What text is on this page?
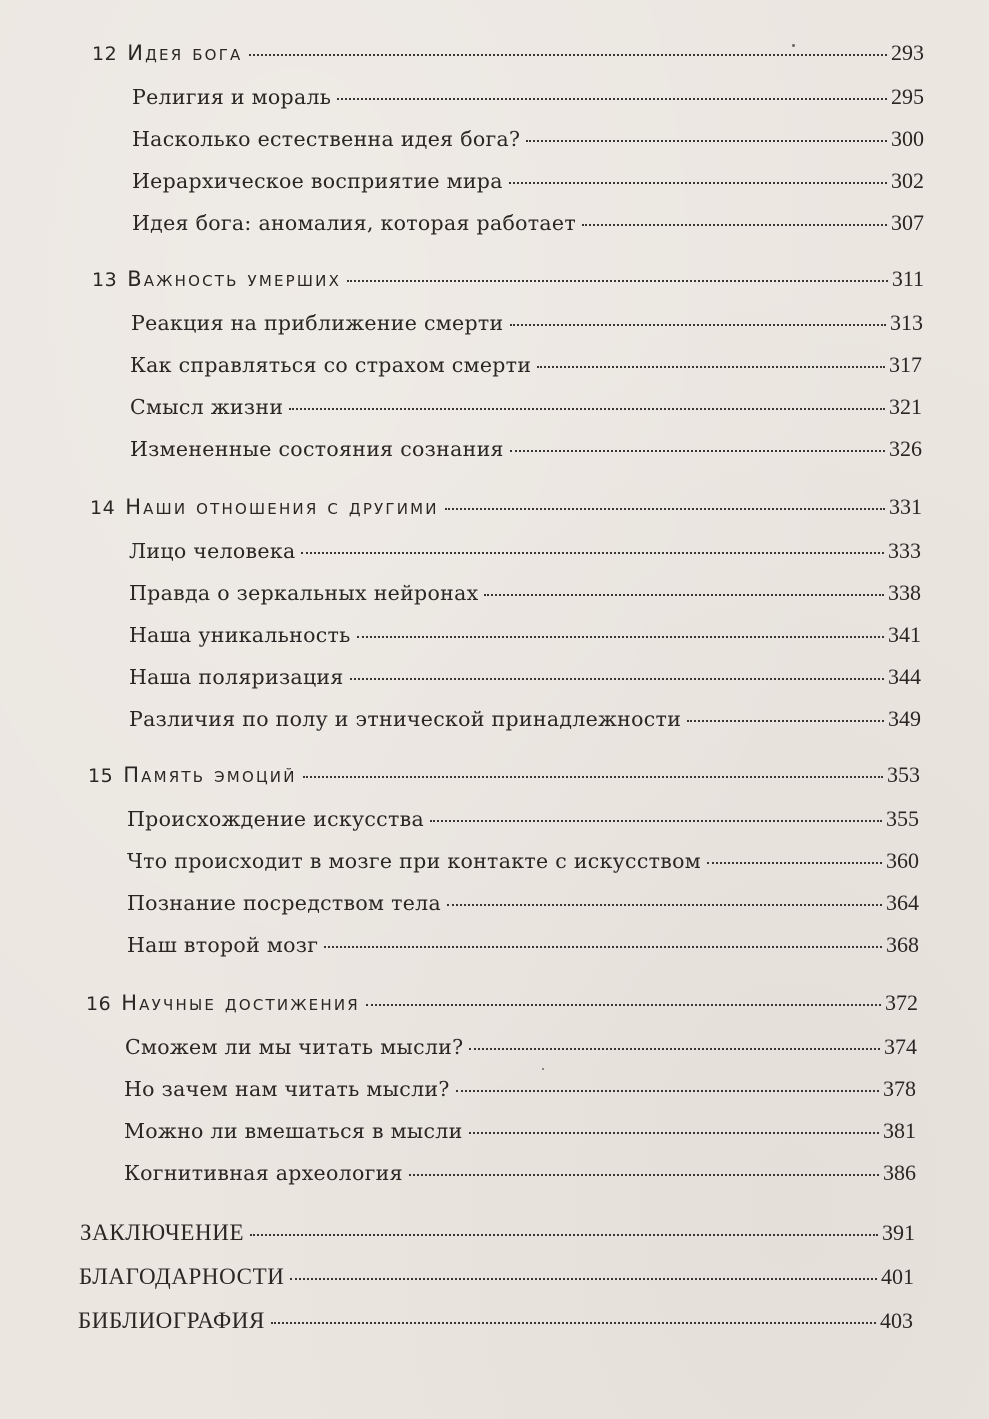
12 Идея бога	293
Религия и мораль	295
Насколько естественна идея бога?	300
Иерархическое восприятие мира	302
Идея бога: аномалия, которая работает	307
13 Важность умерших	311
Реакция на приближение смерти	313
Как справляться со страхом смерти	317
Смысл жизни	321
Измененные состояния сознания	326
14 Наши отношения с другими	331
Лицо человека	333
Правда о зеркальных нейронах	338
Наша уникальность	341
Наша поляризация	344
Различия по полу и этнической принадлежности	349
15 Память эмоций	353
Происхождение искусства	355
Что происходит в мозге при контакте с искусством	360
Познание посредством тела	364
Наш второй мозг	368
16 Научные достижения	372
Сможем ли мы читать мысли?	374
Но зачем нам читать мысли?	378
Можно ли вмешаться в мысли	381
Когнитивная археология	386
ЗАКЛЮЧЕНИЕ	391
БЛАГОДАРНОСТИ	401
БИБЛИОГРАФИЯ	403
